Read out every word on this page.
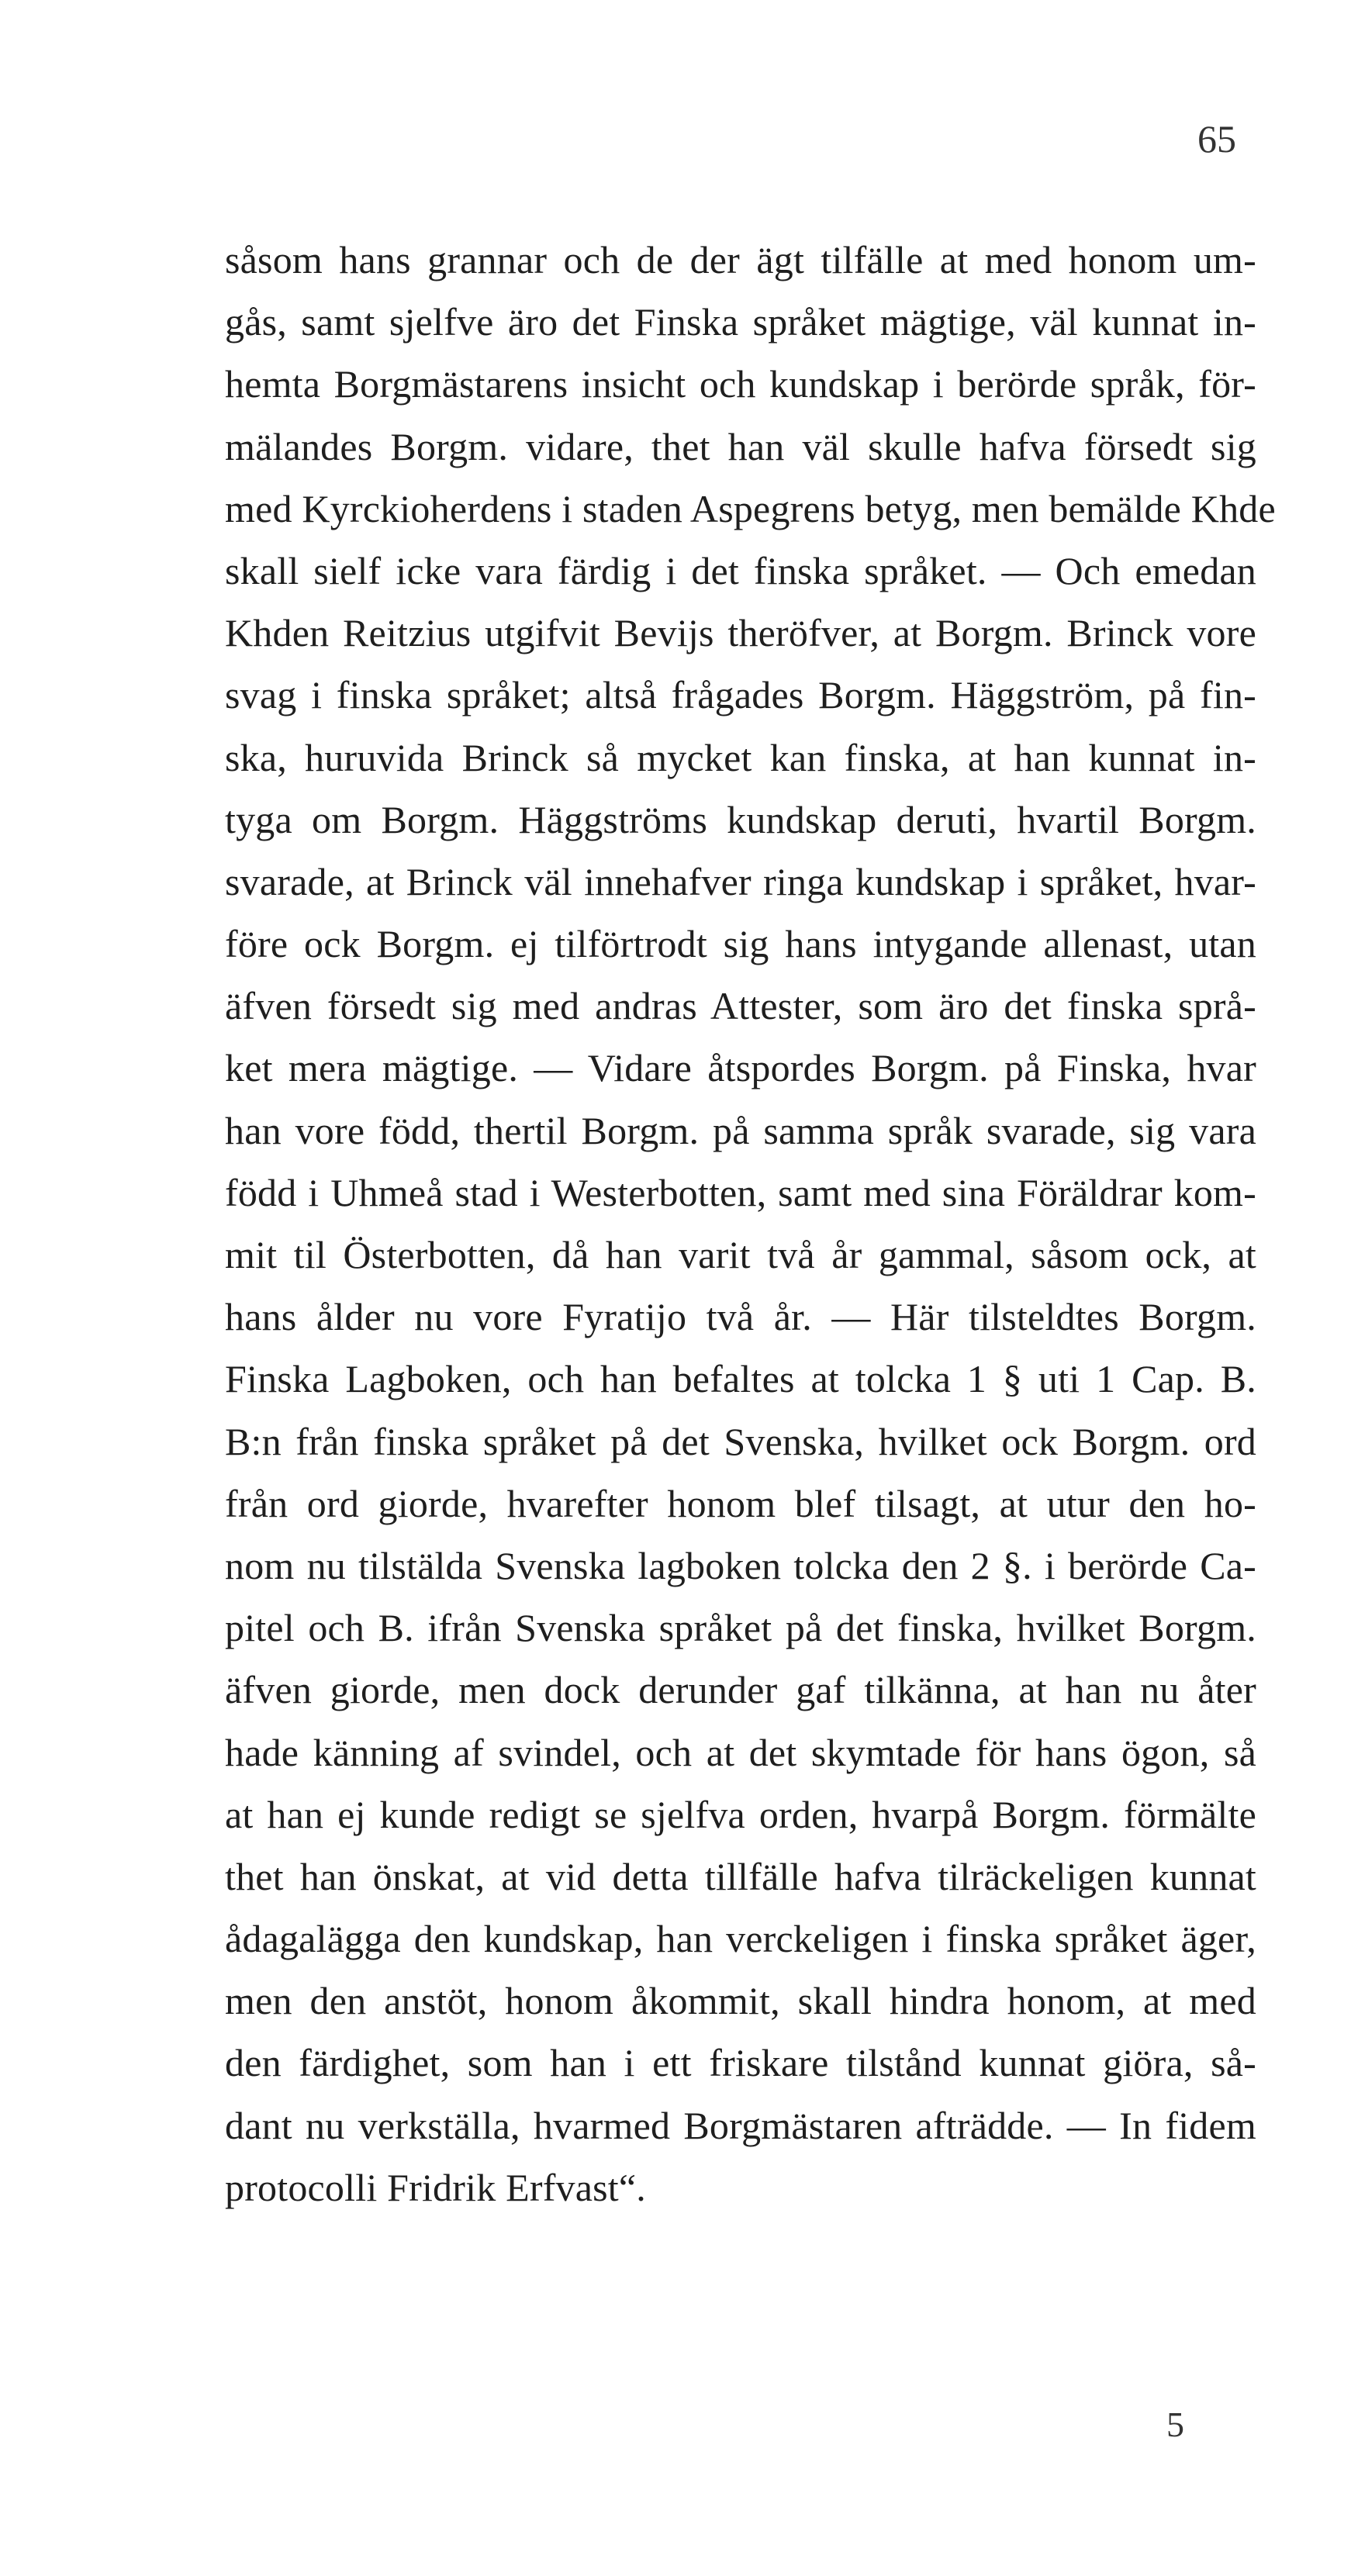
65
såsom hans grannar och de der ägt tilfälle at med honom um-
gås, samt sjelfve äro det Finska språket mägtige, väl kunnat in-
hemta Borgmästarens insicht och kundskap i berörde språk, för-
mälandes Borgm. vidare, thet han väl skulle hafva försedt sig
med Kyrckioherdens i staden Aspegrens betyg, men bemälde Khde
skall sielf icke vara färdig i det finska språket. — Och emedan
Khden Reitzius utgifvit Bevijs theröfver, at Borgm. Brinck vore
svag i finska språket; altså frågades Borgm. Häggström, på fin-
ska, huruvida Brinck så mycket kan finska, at han kunnat in-
tyga om Borgm. Häggströms kundskap deruti, hvartil Borgm.
svarade, at Brinck väl innehafver ringa kundskap i språket, hvar-
före ock Borgm. ej tilförtrodt sig hans intygande allenast, utan
äfven försedt sig med andras Attester, som äro det finska språ-
ket mera mägtige. — Vidare åtspordes Borgm. på Finska, hvar
han vore född, thertil Borgm. på samma språk svarade, sig vara
född i Uhmeå stad i Westerbotten, samt med sina Föräldrar kom-
mit til Österbotten, då han varit två år gammal, såsom ock, at
hans ålder nu vore Fyratijo två år. — Här tilsteldtes Borgm.
Finska Lagboken, och han befaltes at tolcka 1 § uti 1 Cap. B.
B:n från finska språket på det Svenska, hvilket ock Borgm. ord
från ord giorde, hvarefter honom blef tilsagt, at utur den ho-
nom nu tilstälda Svenska lagboken tolcka den 2 §. i berörde Ca-
pitel och B. ifrån Svenska språket på det finska, hvilket Borgm.
äfven giorde, men dock derunder gaf tilkänna, at han nu åter
hade känning af svindel, och at det skymtade för hans ögon, så
at han ej kunde redigt se sjelfva orden, hvarpå Borgm. förmälte
thet han önskat, at vid detta tillfälle hafva tilräckeligen kunnat
ådagalägga den kundskap, han verckeligen i finska språket äger,
men den anstöt, honom åkommit, skall hindra honom, at med
den färdighet, som han i ett friskare tilstånd kunnat giöra, så-
dant nu verkställa, hvarmed Borgmästaren afträdde. — In fidem
protocolli Fridrik Erfvast“.
5
